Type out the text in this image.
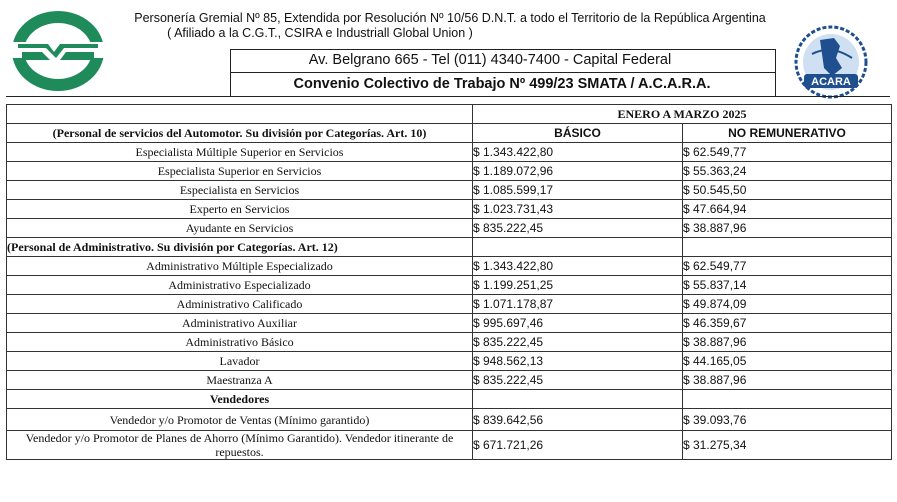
ACARA
Personería Gremial Nº 85, Extendida por Resolución Nº 10/56 D.N.T. a todo el Territorio de la República Argentina
( Afiliado a la C.G.T., CSIRA e Industriall Global Union )
Av. Belgrano 665 - Tel (011) 4340-7400 - Capital Federal
Convenio Colectivo de Trabajo Nº 499/23 SMATA / A.C.A.R.A.
	ENERO A MARZO 2025	
(Personal de servicios del Automotor. Su división por Categorías. Art. 10)	BÁSICO	NO REMUNERATIVO
Especialista Múltiple Superior en Servicios	$ 1.343.422,80	$ 62.549,77
Especialista Superior en Servicios	$ 1.189.072,96	$ 55.363,24
Especialista en Servicios	$ 1.085.599,17	$ 50.545,50
Experto en Servicios	$ 1.023.731,43	$ 47.664,94
Ayudante en Servicios	$ 835.222,45	$ 38.887,96
(Personal de Administrativo. Su división por Categorías. Art. 12)		
Administrativo Múltiple Especializado	$ 1.343.422,80	$ 62.549,77
Administrativo Especializado	$ 1.199.251,25	$ 55.837,14
Administrativo Calificado	$ 1.071.178,87	$ 49.874,09
Administrativo Auxiliar	$ 995.697,46	$ 46.359,67
Administrativo Básico	$ 835.222,45	$ 38.887,96
Lavador	$ 948.562,13	$ 44.165,05
Maestranza A	$ 835.222,45	$ 38.887,96
Vendedores		
Vendedor y/o Promotor de Ventas (Mínimo garantido)	$ 839.642,56	$ 39.093,76
Vendedor y/o Promotor de Planes de Ahorro (Mínimo Garantido). Vendedor itinerante de repuestos.	$ 671.721,26	$ 31.275,34
